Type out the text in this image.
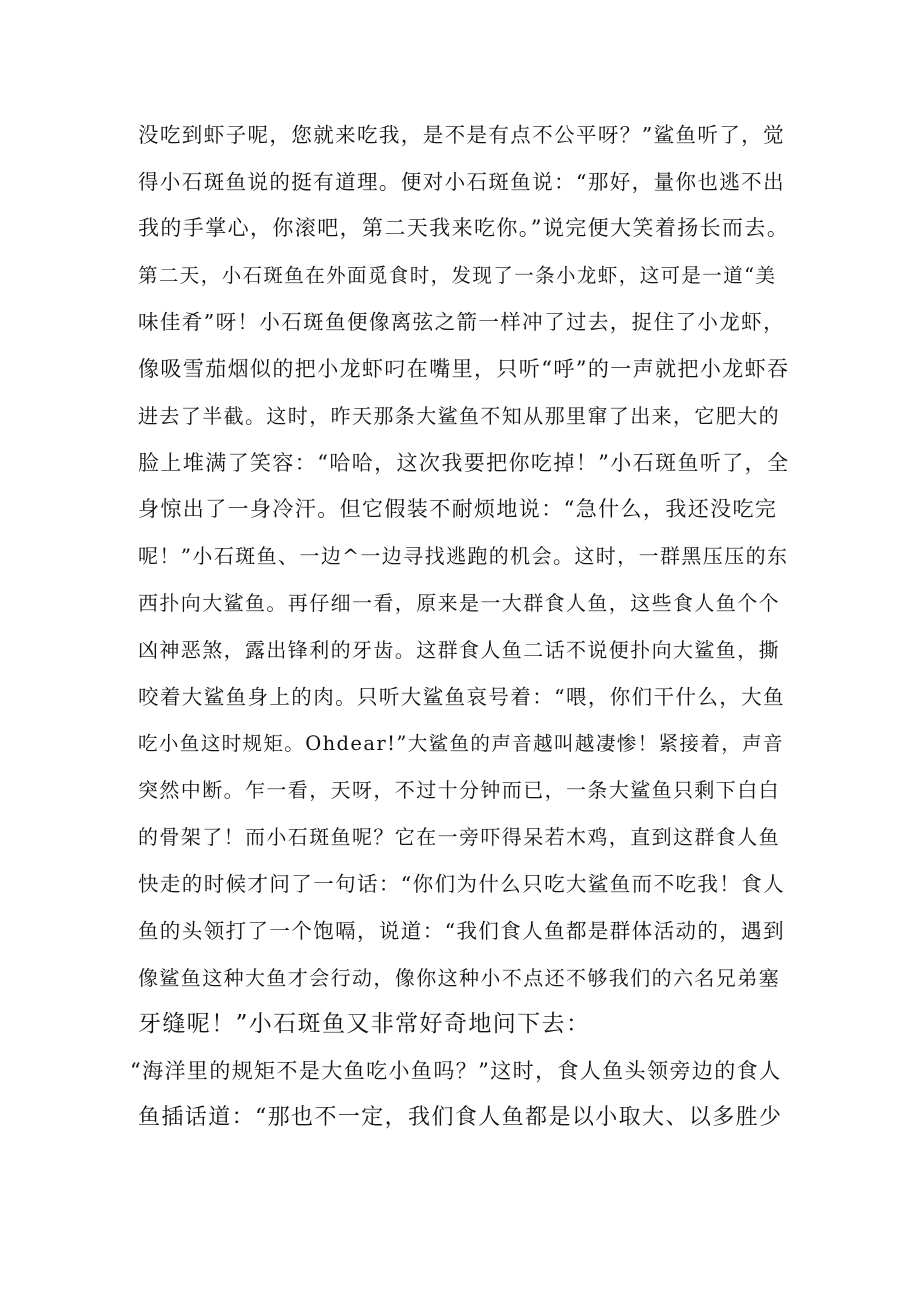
没吃到虾子呢，您就来吃我，是不是有点不公平呀？”鲨鱼听了，觉
得小石斑鱼说的挺有道理。便对小石斑鱼说：“那好，量你也逃不出
我的手掌心，你滚吧，第二天我来吃你。”说完便大笑着扬长而去。
第二天，小石斑鱼在外面觅食时，发现了一条小龙虾，这可是一道“美
味佳肴”呀！小石斑鱼便像离弦之箭一样冲了过去，捉住了小龙虾，
像吸雪茄烟似的把小龙虾叼在嘴里，只听“呼”的一声就把小龙虾吞
进去了半截。这时，昨天那条大鲨鱼不知从那里窜了出来，它肥大的
脸上堆满了笑容：“哈哈，这次我要把你吃掉！”小石斑鱼听了，全
身惊出了一身冷汗。但它假装不耐烦地说：“急什么，我还没吃完
呢！”小石斑鱼、一边^一边寻找逃跑的机会。这时，一群黑压压的东
西扑向大鲨鱼。再仔细一看，原来是一大群食人鱼，这些食人鱼个个
凶神恶煞，露出锋利的牙齿。这群食人鱼二话不说便扑向大鲨鱼，撕
咬着大鲨鱼身上的肉。只听大鲨鱼哀号着：“喂，你们干什么，大鱼
吃小鱼这时规矩。Ohdear!”大鲨鱼的声音越叫越凄惨！紧接着，声音
突然中断。乍一看，天呀，不过十分钟而已，一条大鲨鱼只剩下白白
的骨架了！而小石斑鱼呢？它在一旁吓得呆若木鸡，直到这群食人鱼
快走的时候才问了一句话：“你们为什么只吃大鲨鱼而不吃我！食人
鱼的头领打了一个饱嗝，说道：“我们食人鱼都是群体活动的，遇到
像鲨鱼这种大鱼才会行动，像你这种小不点还不够我们的六名兄弟塞
牙缝呢！”小石斑鱼又非常好奇地问下去：
“海洋里的规矩不是大鱼吃小鱼吗？”这时，食人鱼头领旁边的食人
鱼插话道：“那也不一定，我们食人鱼都是以小取大、以多胜少
